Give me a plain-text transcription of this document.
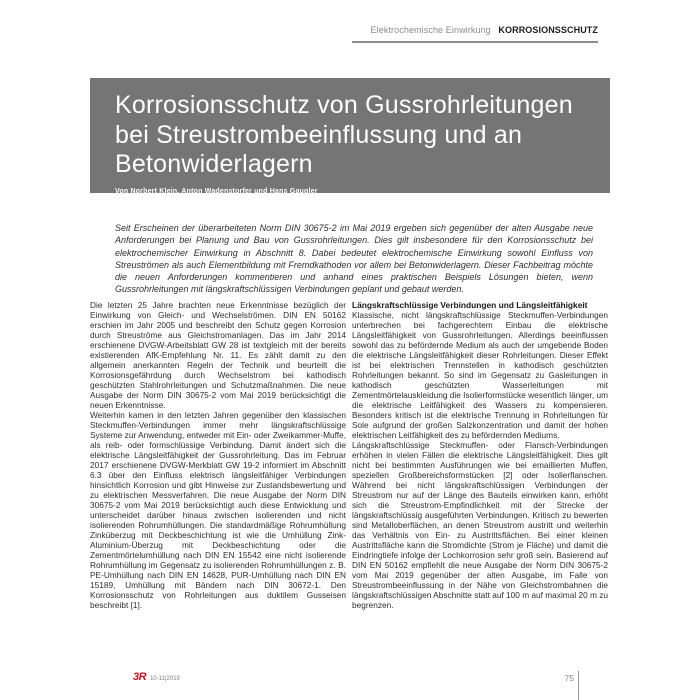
Elektrochemische Einwirkung KORROSIONSSCHUTZ
Korrosionsschutz von Gussrohrleitungen bei Streustrombeeinflussung und an Betonwiderlagern
Von Norbert Klein, Anton Wadenstorfer und Hans Gaugler
Seit Erscheinen der überarbeiteten Norm DIN 30675-2 im Mai 2019 ergeben sich gegenüber der alten Ausgabe neue Anforderungen bei Planung und Bau von Gussrohrleitungen. Dies gilt insbesondere für den Korrosionsschutz bei elektrochemischer Einwirkung in Abschnitt 8. Dabei bedeutet elektrochemische Einwirkung sowohl Einfluss von Streuströmen als auch Elementbildung mit Fremdkathoden vor allem bei Betonwiderlagern. Dieser Fachbeitrag möchte die neuen Anforderungen kommentieren und anhand eines praktischen Beispiels Lösungen bieten, wenn Gussrohrleitungen mit längskraftschlüssigen Verbindungen geplant und gebaut werden.

Die letzten 25 Jahre brachten neue Erkenntnisse bezüglich der Einwirkung von Gleich- und Wechselströmen. DIN EN 50162 erschien im Jahr 2005 und beschreibt den Schutz gegen Korrosion durch Streuströme aus Gleichstromanlagen. Das im Jahr 2014 erschienene DVGW-Arbeitsblatt GW 28 ist textgleich mit der bereits existierenden AfK-Empfehlung Nr. 11. Es zählt damit zu den allgemein anerkannten Regeln der Technik und beurteilt die Korrosionsgefährdung durch Wechselstrom bei kathodisch geschützten Stahlrohrleitungen und Schutzmaßnahmen. Die neue Ausgabe der Norm DIN 30675-2 vom Mai 2019 berücksichtigt die neuen Erkenntnisse.

Weiterhin kamen in den letzten Jahren gegenüber den klassischen Steckmuffen-Verbindungen immer mehr längskraftschlüssige Systeme zur Anwendung, entweder mit Ein- oder Zweikammer-Muffe, als reib- oder formschlüssige Verbindung. Damit ändert sich die elektrische Längsleitfähigkeit der Gussrohrleitung. Das im Februar 2017 erschienene DVGW-Merkblatt GW 19-2 informiert im Abschnitt 6.3 über den Einfluss elektrisch längsleitfähiger Verbindungen hinsichtlich Korrosion und gibt Hinweise zur Zustandsbewertung und zu elektrischen Messverfahren. Die neue Ausgabe der Norm DIN 30675-2 vom Mai 2019 berücksichtigt auch diese Entwicklung und unterscheidet darüber hinaus zwischen isolierenden und nicht isolierenden Rohrumhüllungen. Die standardmäßige Rohrumhüllung Zinküberzug mit Deckbeschichtung ist wie die Umhüllung Zink-Aluminium-Überzug mit Deckbeschichtung oder die Zementmörtelumhüllung nach DIN EN 15542 eine nicht isolierende Rohrumhüllung im Gegensatz zu isolierenden Rohrumhüllungen z. B. PE-Umhüllung nach DIN EN 14628, PUR-Umhüllung nach DIN EN 15189, Umhüllung mit Bändern nach DIN 30672-1. Den Korrosionsschutz von Rohrleitungen aus duktilem Gusseisen beschreibt [1].

Längskraftschlüssige Verbindungen und Längsleitfähigkeit

Klassische, nicht längskraftschlüssige Steckmuffen-Verbindungen unterbrechen bei fachgerechtem Einbau die elektrische Längsleitfähigkeit von Gussrohrleitungen. Allerdings beeinflussen sowohl das zu befördernde Medium als auch der umgebende Boden die elektrische Längsleitfähigkeit dieser Rohrleitungen. Dieser Effekt ist bei elektrischen Trennstellen in kathodisch geschützten Rohrleitungen bekannt. So sind im Gegensatz zu Gasleitungen in kathodisch geschützten Wasserleitungen mit Zementmörtelauskleidung die Isolierformstücke wesentlich länger, um die elektrische Leitfähigkeit des Wassers zu kompensieren. Besonders kritisch ist die elektrische Trennung in Rohrleitungen für Sole aufgrund der großen Salzkonzentration und damit der hohen elektrischen Leitfähigkeit des zu befördernden Mediums.

Längskraftschlüssige Steckmuffen- oder Flansch-Verbindungen erhöhen in vielen Fällen die elektrische Längsleitfähigkeit. Dies gilt nicht bei bestimmten Ausführungen wie bei emaillierten Muffen, speziellen Großbereichsformstücken [2] oder Isolierflanschen. Während bei nicht längskraftschlüssigen Verbindungen der Streustrom nur auf der Länge des Bauteils einwirken kann, erhöht sich die Streustrom-Empfindlichkeit mit der Strecke der längskraftschlüssig ausgeführten Verbindungen. Kritisch zu bewerten sind Metalloberflächen, an denen Streustrom austritt und weiterhin das Verhältnis von Ein- zu Austrittsflächen. Bei einer kleinen Austrittsfläche kann die Stromdichte (Strom je Fläche) und damit die Eindringtiefe infolge der Lochkorrosion sehr groß sein. Basierend auf DIN EN 50162 empfiehlt die neue Ausgabe der Norm DIN 30675-2 vom Mai 2019 gegenüber der alten Ausgabe, im Falle von Streustrombeeinflussung in der Nähe von Gleichstrombahnen die längskraftschlüssigen Abschnitte statt auf 100 m auf maximal 20 m zu begrenzen.

3R 10-11|2019	75
